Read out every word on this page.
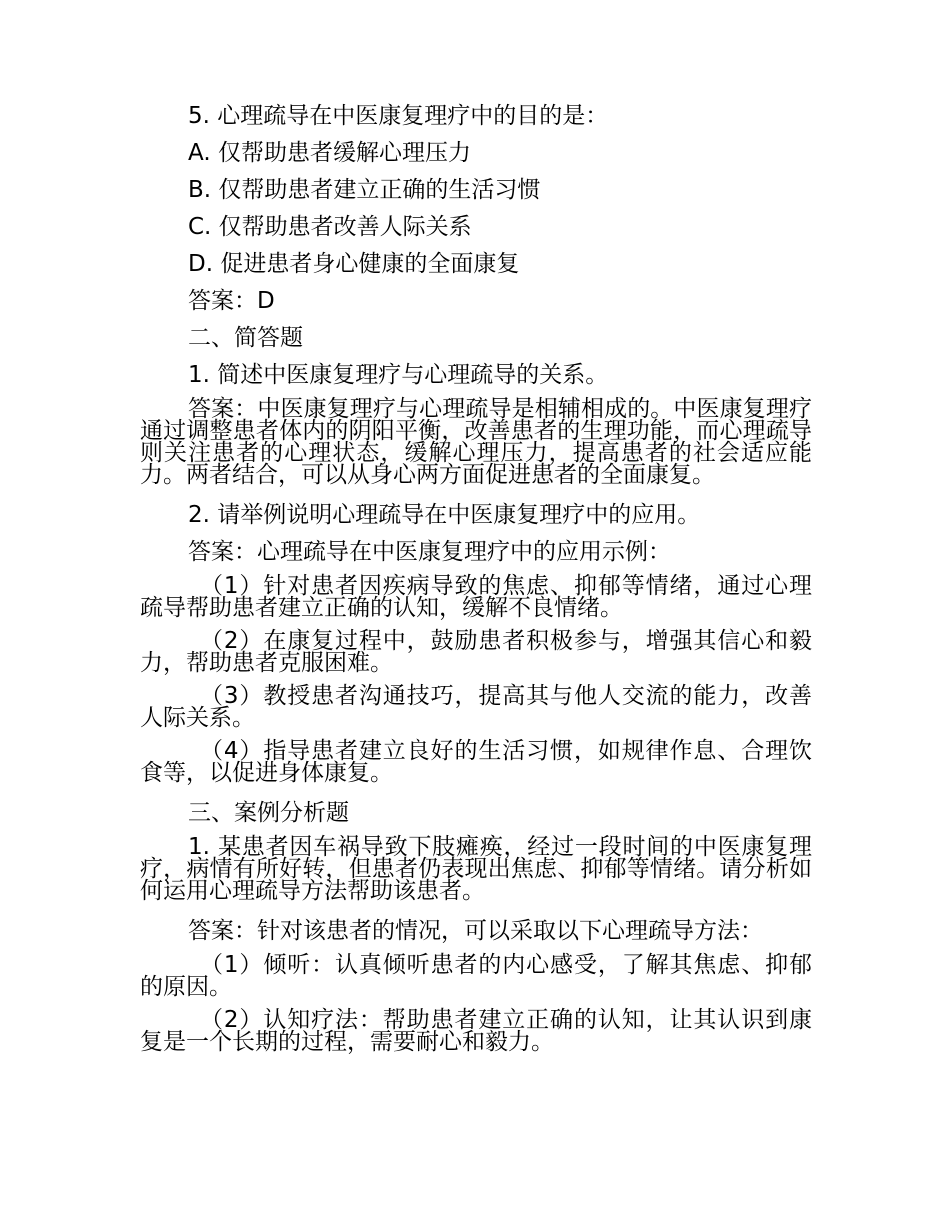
5. 心理疏导在中医康复理疗中的目的是：

A. 仅帮助患者缓解心理压力

B. 仅帮助患者建立正确的生活习惯

C. 仅帮助患者改善人际关系

D. 促进患者身心健康的全面康复

答案：D

二、简答题

1. 简述中医康复理疗与心理疏导的关系。

答案：中医康复理疗与心理疏导是相辅相成的。中医康复理疗通过调整患者体内的阴阳平衡，改善患者的生理功能，而心理疏导则关注患者的心理状态，缓解心理压力，提高患者的社会适应能力。两者结合，可以从身心两方面促进患者的全面康复。

2. 请举例说明心理疏导在中医康复理疗中的应用。

答案：心理疏导在中医康复理疗中的应用示例：

（1）针对患者因疾病导致的焦虑、抑郁等情绪，通过心理疏导帮助患者建立正确的认知，缓解不良情绪。

（2）在康复过程中，鼓励患者积极参与，增强其信心和毅力，帮助患者克服困难。

（3）教授患者沟通技巧，提高其与他人交流的能力，改善人际关系。

（4）指导患者建立良好的生活习惯，如规律作息、合理饮食等，以促进身体康复。

三、案例分析题

1. 某患者因车祸导致下肢瘫痪，经过一段时间的中医康复理疗，病情有所好转，但患者仍表现出焦虑、抑郁等情绪。请分析如何运用心理疏导方法帮助该患者。

答案：针对该患者的情况，可以采取以下心理疏导方法：

（1）倾听：认真倾听患者的内心感受，了解其焦虑、抑郁的原因。

（2）认知疗法：帮助患者建立正确的认知，让其认识到康复是一个长期的过程，需要耐心和毅力。
